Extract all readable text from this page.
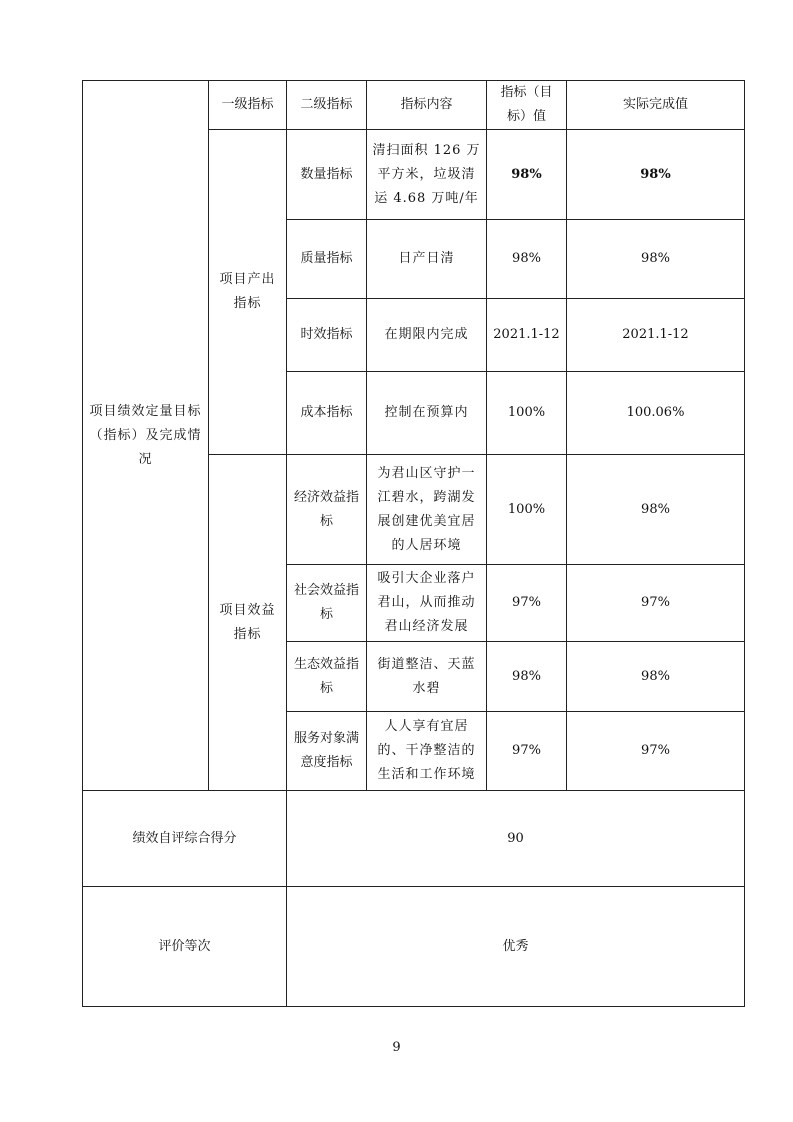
项目绩效定量目标（指标）及完成情况	一级指标	二级指标	指标内容	指标（目标）值	实际完成值
	项目产出指标	数量指标	清扫面积 126 万平方米，垃圾清运 4.68 万吨/年	98%	98%
		质量指标	日产日清	98%	98%
		时效指标	在期限内完成	2021.1-12	2021.1-12
		成本指标	控制在预算内	100%	100.06%
	项目效益指标	经济效益指标	为君山区守护一江碧水，跨湖发展创建优美宜居的人居环境	100%	98%
		社会效益指标	吸引大企业落户君山，从而推动君山经济发展	97%	97%
		生态效益指标	街道整洁、天蓝水碧	98%	98%
		服务对象满意度指标	人人享有宜居的、干净整洁的生活和工作环境	97%	97%
绩效自评综合得分		90			
评价等次		优秀			
9
